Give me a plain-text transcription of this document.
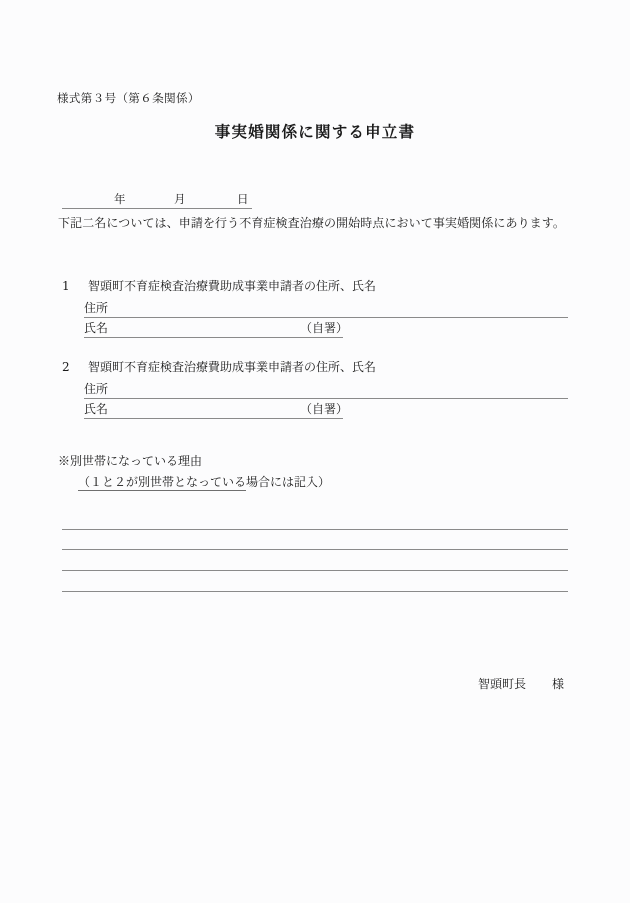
様式第３号（第６条関係）
事実婚関係に関する申立書
年	月	日
下記二名については、申請を行う不育症検査治療の開始時点において事実婚関係にあります。
1 智頭町不育症検査治療費助成事業申請者の住所、氏名
住所
氏名	（自署）
2 智頭町不育症検査治療費助成事業申請者の住所、氏名
住所
氏名	（自署）
※別世帯になっている理由
（１と２が別世帯となっている場合には記入）
智頭町長 様
